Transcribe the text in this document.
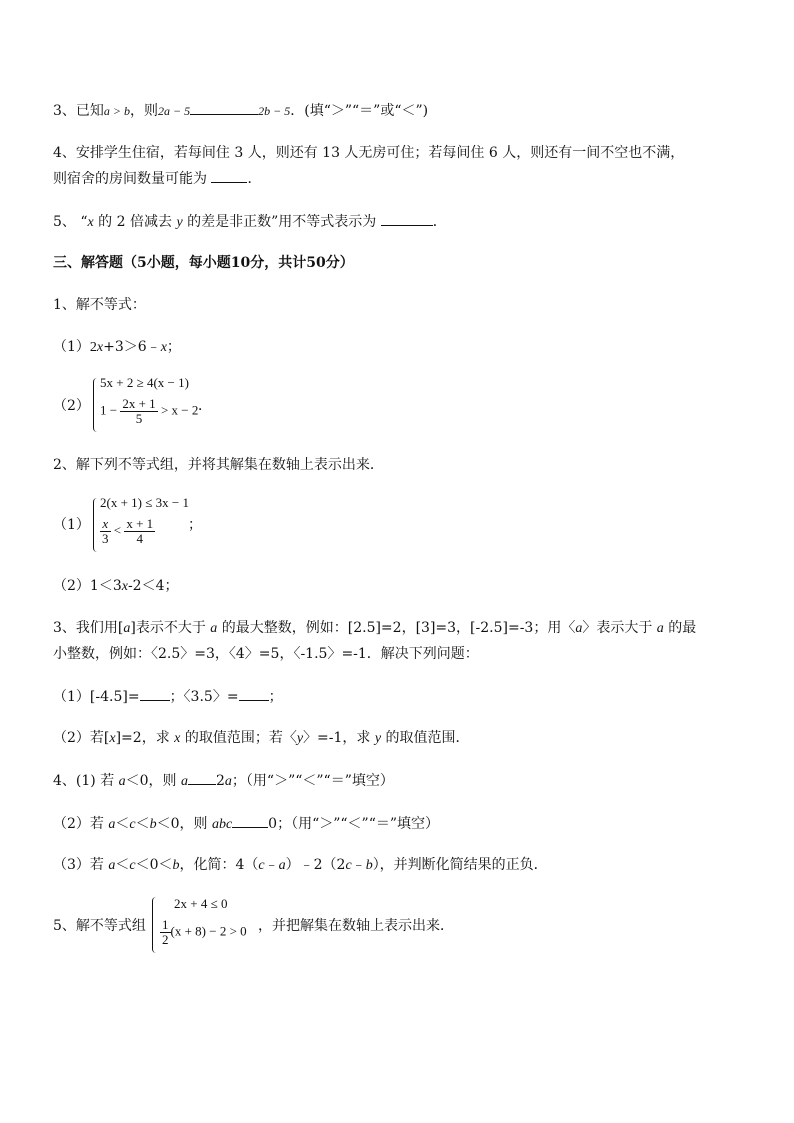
3、已知a > b，则2a − 5	2b − 5．(填“＞”“＝”或“＜”)
4、安排学生住宿，若每间住 3 人，则还有 13 人无房可住；若每间住 6 人，则还有一间不空也不满，
则宿舍的房间数量可能为	．
5、 “x 的 2 倍减去 y 的差是非正数”用不等式表示为	．
三、解答题（5小题，每小题10分，共计50分）
1、解不等式：
（1）2x+3＞6﹣x；
（2）
5x + 2 ≥ 4(x − 1)
$1 - \frac{2x + 1}{5} > x - 2$ ．
2、解下列不等式组，并将其解集在数轴上表示出来．
（1）
2(x + 1) ≤ 3x − 1
$\frac{x}{3} < \frac{x + 1}{4}$ ；
（2）1＜3x-2＜4；
3、我们用[a]表示不大于 a 的最大整数，例如：[2.5]=2，[3]=3，[-2.5]=-3；用〈a〉表示大于 a 的最
小整数，例如：〈2.5〉=3，〈4〉=5，〈-1.5〉=-1．解决下列问题：
（1）[-4.5]= ；〈3.5〉= ；
（2）若[x]=2，求 x 的取值范围；若〈y〉=-1，求 y 的取值范围．
4、(1) 若 a＜0，则 a 2a；（用“＞”“＜”“＝”填空）
（2）若 a＜c＜b＜0，则 abc	0；（用“＞”“＜”“＝”填空）
（3）若 a＜c＜0＜b，化简：4（c﹣a）﹣2（2c﹣b），并判断化简结果的正负．
5、解不等式组
2x + 4 ≤ 0
$\frac{1}{2} (x + 8) - 2 > 0$ ，并把解集在数轴上表示出来．
